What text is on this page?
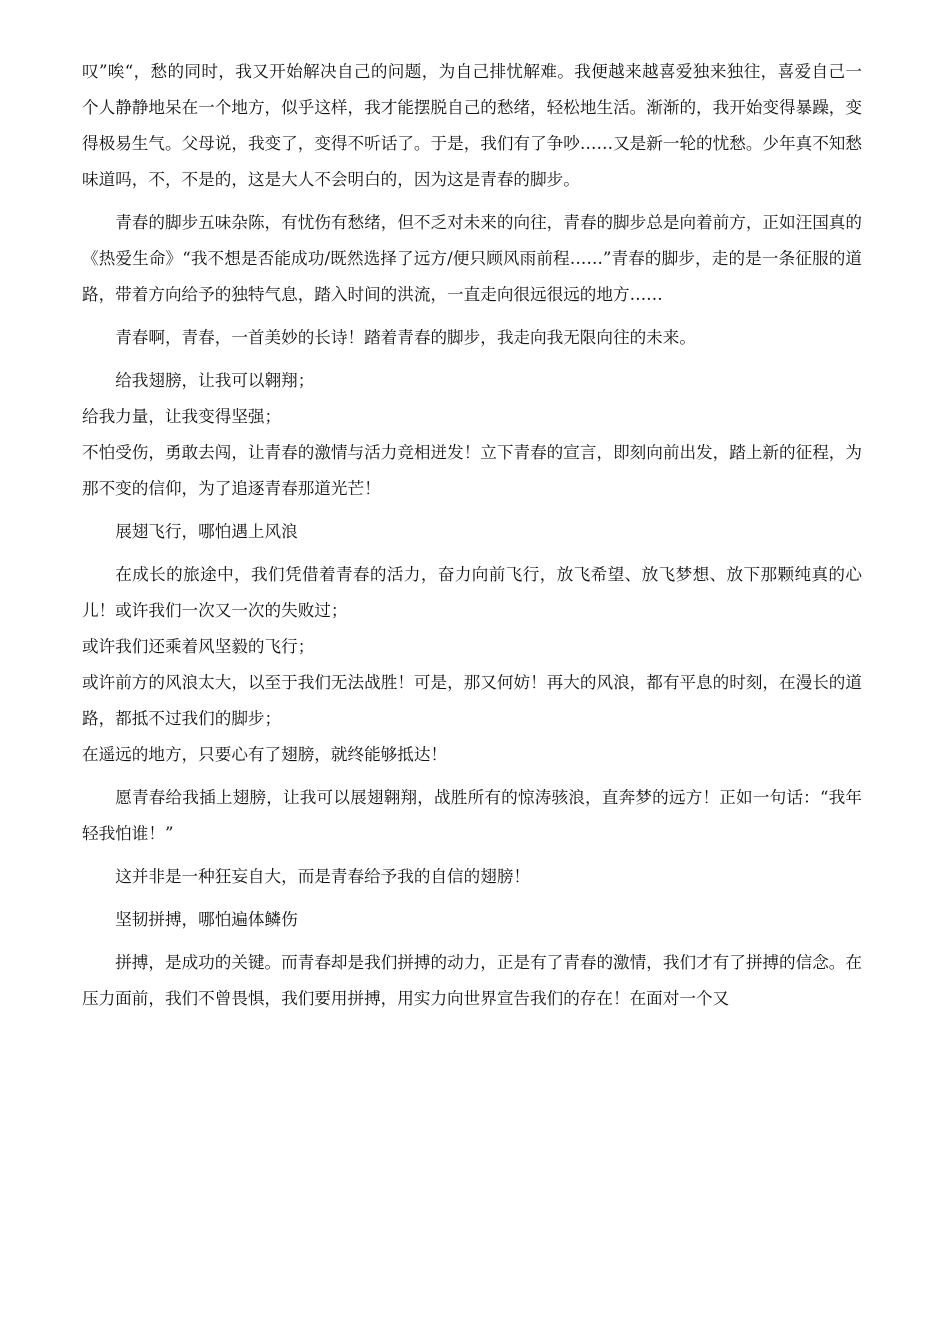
叹”唉“，愁的同时，我又开始解决自己的问题，为自己排忧解难。我便越来越喜爱独来独往，喜爱自己一个人静静地呆在一个地方，似乎这样，我才能摆脱自己的愁绪，轻松地生活。渐渐的，我开始变得暴躁，变得极易生气。父母说，我变了，变得不听话了。于是，我们有了争吵……又是新一轮的忧愁。少年真不知愁味道吗，不，不是的，这是大人不会明白的，因为这是青春的脚步。

青春的脚步五味杂陈，有忧伤有愁绪，但不乏对未来的向往，青春的脚步总是向着前方，正如汪国真的《热爱生命》“我不想是否能成功/既然选择了远方/便只顾风雨前程……”青春的脚步，走的是一条征服的道路，带着方向给予的独特气息，踏入时间的洪流，一直走向很远很远的地方……

青春啊，青春，一首美妙的长诗！踏着青春的脚步，我走向我无限向往的未来。

给我翅膀，让我可以翱翔；

给我力量，让我变得坚强；

不怕受伤，勇敢去闯，让青春的激情与活力竞相迸发！立下青春的宣言，即刻向前出发，踏上新的征程，为那不变的信仰，为了追逐青春那道光芒！

展翅飞行，哪怕遇上风浪

在成长的旅途中，我们凭借着青春的活力，奋力向前飞行，放飞希望、放飞梦想、放下那颗纯真的心儿！或许我们一次又一次的失败过；

或许我们还乘着风坚毅的飞行；

或许前方的风浪太大，以至于我们无法战胜！可是，那又何妨！再大的风浪，都有平息的时刻，在漫长的道路，都抵不过我们的脚步；

在遥远的地方，只要心有了翅膀，就终能够抵达！

愿青春给我插上翅膀，让我可以展翅翱翔，战胜所有的惊涛骇浪，直奔梦的远方！正如一句话：“我年轻我怕谁！”

这并非是一种狂妄自大，而是青春给予我的自信的翅膀！

坚韧拼搏，哪怕遍体鳞伤

拼搏，是成功的关键。而青春却是我们拼搏的动力，正是有了青春的激情，我们才有了拼搏的信念。在压力面前，我们不曾畏惧，我们要用拼搏，用实力向世界宣告我们的存在！在面对一个又
